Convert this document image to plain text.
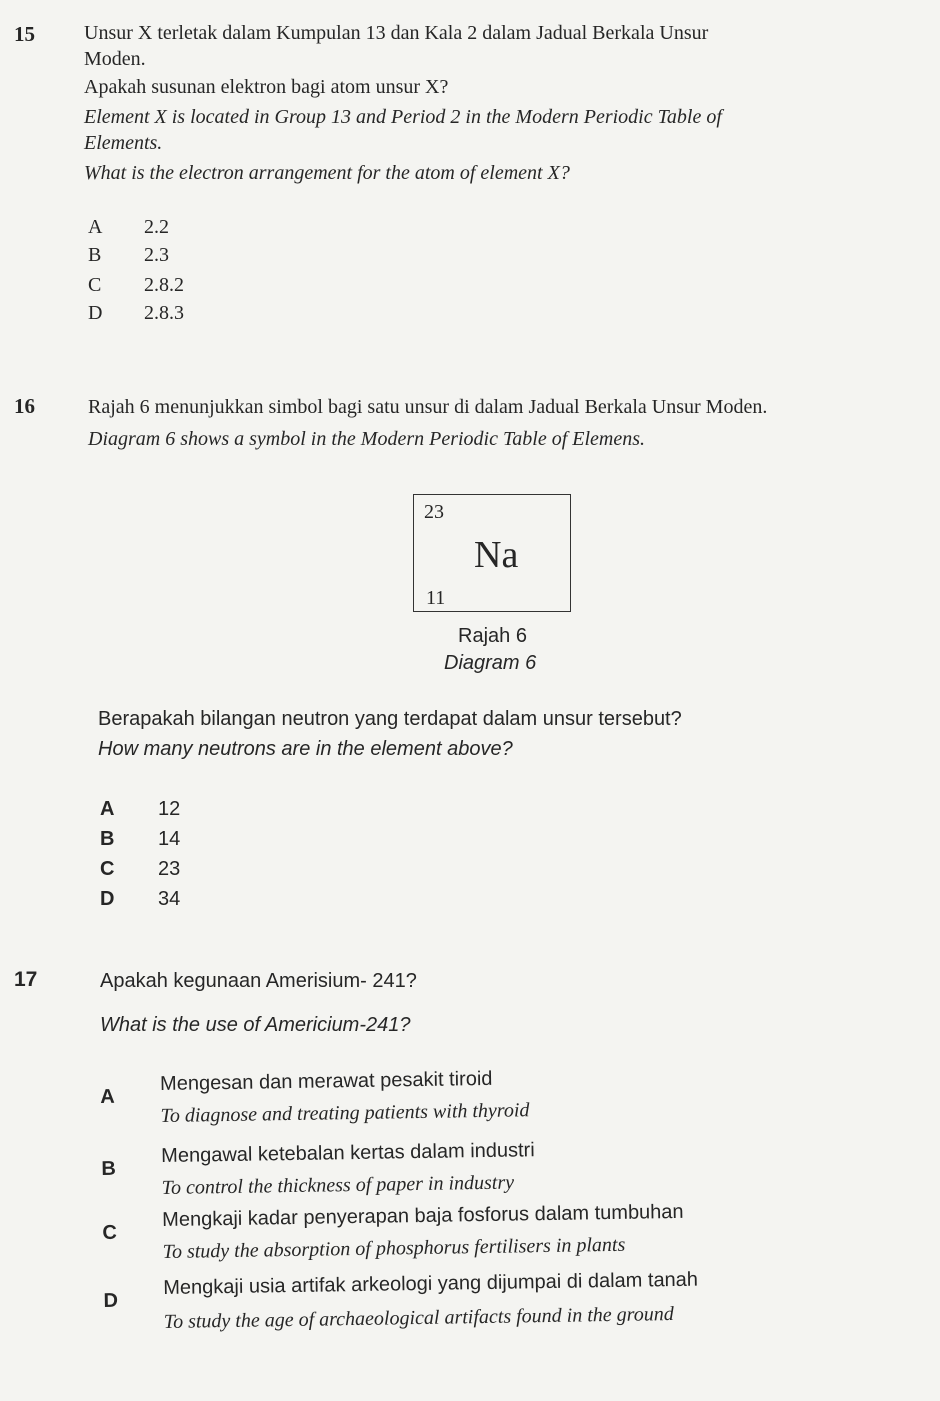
15 Unsur X terletak dalam Kumpulan 13 dan Kala 2 dalam Jadual Berkala Unsur
Moden.
Apakah susunan elektron bagi atom unsur X?
Element X is located in Group 13 and Period 2 in the Modern Periodic Table of
Elements.
What is the electron arrangement for the atom of element X?
A 2.2
B 2.3
C 2.8.2
D 2.8.3
16	Rajah 6 menunjukkan simbol bagi satu unsur di dalam Jadual Berkala Unsur Moden.
Diagram 6 shows a symbol in the Modern Periodic Table of Elemens.
23
Na
11
Rajah 6
Diagram 6
Berapakah bilangan neutron yang terdapat dalam unsur tersebut?
How many neutrons are in the element above?
A 12
B 14
C 23
D 34
17	Apakah kegunaan Amerisium- 241?
What is the use of Americium-241?
A
Mengesan dan merawat pesakit tiroid
To diagnose and treating patients with thyroid
B
Mengawal ketebalan kertas dalam industri
To control the thickness of paper in industry
C
Mengkaji kadar penyerapan baja fosforus dalam tumbuhan
To study the absorption of phosphorus fertilisers in plants
D
Mengkaji usia artifak arkeologi yang dijumpai di dalam tanah
To study the age of archaeological artifacts found in the ground
